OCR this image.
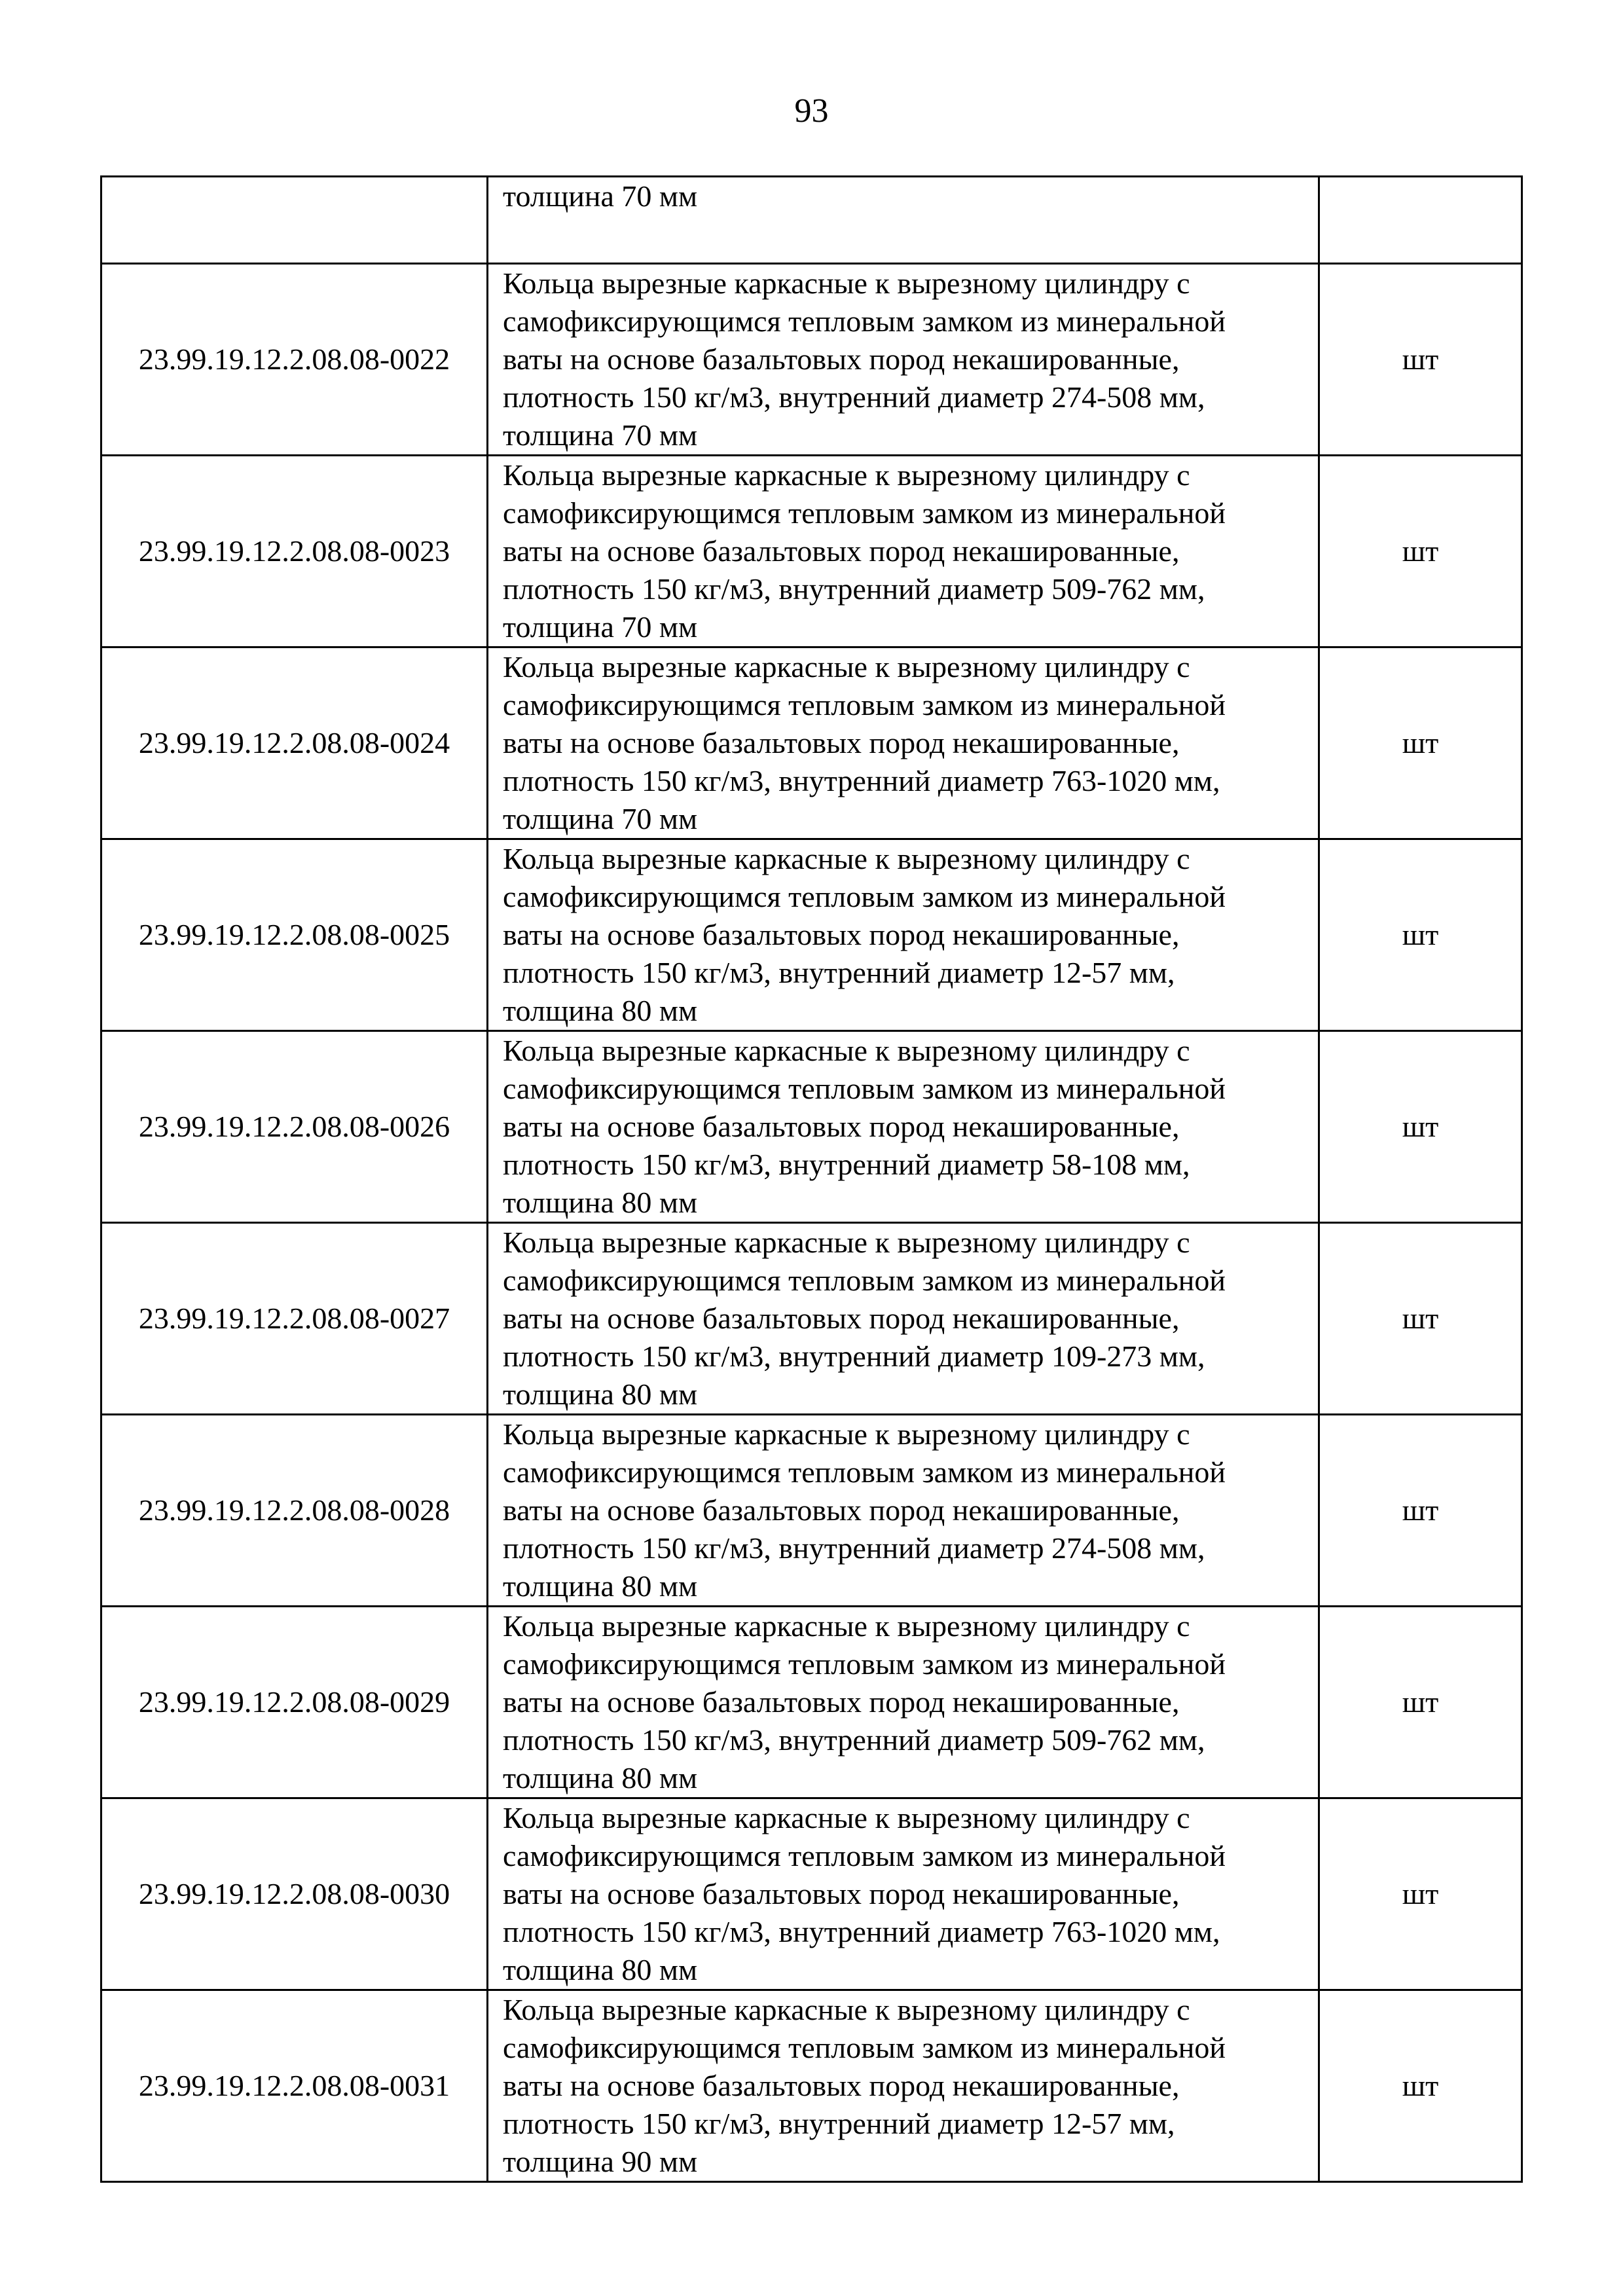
93

	толщина 70 мм	

23.99.19.12.2.08.08-0022	Кольца вырезные каркасные к вырезному цилиндру с
самофиксирующимся тепловым замком из минеральной
ваты на основе базальтовых пород некашированные,
плотность 150 кг/м3, внутренний диаметр 274-508 мм,
толщина 70 мм	шт
23.99.19.12.2.08.08-0023	Кольца вырезные каркасные к вырезному цилиндру с
самофиксирующимся тепловым замком из минеральной
ваты на основе базальтовых пород некашированные,
плотность 150 кг/м3, внутренний диаметр 509-762 мм,
толщина 70 мм	шт
23.99.19.12.2.08.08-0024	Кольца вырезные каркасные к вырезному цилиндру с
самофиксирующимся тепловым замком из минеральной
ваты на основе базальтовых пород некашированные,
плотность 150 кг/м3, внутренний диаметр 763-1020 мм,
толщина 70 мм	шт
23.99.19.12.2.08.08-0025	Кольца вырезные каркасные к вырезному цилиндру с
самофиксирующимся тепловым замком из минеральной
ваты на основе базальтовых пород некашированные,
плотность 150 кг/м3, внутренний диаметр 12-57 мм,
толщина 80 мм	шт
23.99.19.12.2.08.08-0026	Кольца вырезные каркасные к вырезному цилиндру с
самофиксирующимся тепловым замком из минеральной
ваты на основе базальтовых пород некашированные,
плотность 150 кг/м3, внутренний диаметр 58-108 мм,
толщина 80 мм	шт
23.99.19.12.2.08.08-0027	Кольца вырезные каркасные к вырезному цилиндру с
самофиксирующимся тепловым замком из минеральной
ваты на основе базальтовых пород некашированные,
плотность 150 кг/м3, внутренний диаметр 109-273 мм,
толщина 80 мм	шт
23.99.19.12.2.08.08-0028	Кольца вырезные каркасные к вырезному цилиндру с
самофиксирующимся тепловым замком из минеральной
ваты на основе базальтовых пород некашированные,
плотность 150 кг/м3, внутренний диаметр 274-508 мм,
толщина 80 мм	шт
23.99.19.12.2.08.08-0029	Кольца вырезные каркасные к вырезному цилиндру с
самофиксирующимся тепловым замком из минеральной
ваты на основе базальтовых пород некашированные,
плотность 150 кг/м3, внутренний диаметр 509-762 мм,
толщина 80 мм	шт
23.99.19.12.2.08.08-0030	Кольца вырезные каркасные к вырезному цилиндру с
самофиксирующимся тепловым замком из минеральной
ваты на основе базальтовых пород некашированные,
плотность 150 кг/м3, внутренний диаметр 763-1020 мм,
толщина 80 мм	шт
23.99.19.12.2.08.08-0031	Кольца вырезные каркасные к вырезному цилиндру с
самофиксирующимся тепловым замком из минеральной
ваты на основе базальтовых пород некашированные,
плотность 150 кг/м3, внутренний диаметр 12-57 мм,
толщина 90 мм	шт
